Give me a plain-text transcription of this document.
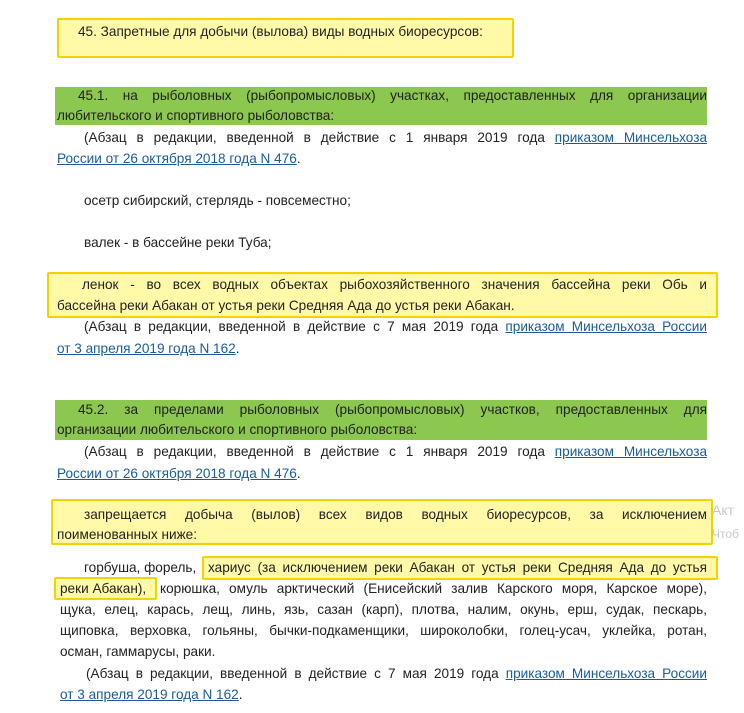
45. Запретные для добычи (вылова) виды водных биоресурсов:
45.1. на рыболовных (рыбопромысловых) участках, предоставленных для организации
любительского и спортивного рыболовства:
(Абзац в редакции, введенной в действие с 1 января 2019 года приказом Минсельхоза
России от 26 октября 2018 года N 476.
осетр сибирский, стерлядь - повсеместно;
валек - в бассейне реки Туба;
ленок - во всех водных объектах рыбохозяйственного значения бассейна реки Обь и
бассейна реки Абакан от устья реки Средняя Ада до устья реки Абакан.
(Абзац в редакции, введенной в действие с 7 мая 2019 года приказом Минсельхоза России
от 3 апреля 2019 года N 162.
45.2. за пределами рыболовных (рыбопромысловых) участков, предоставленных для
организации любительского и спортивного рыболовства:
(Абзац в редакции, введенной в действие с 1 января 2019 года приказом Минсельхоза
России от 26 октября 2018 года N 476.
запрещается добыча (вылов) всех видов водных биоресурсов, за исключением
поименованных ниже:
горбуша, форель, хариус (за исключением реки Абакан от устья реки Средняя Ада до устья
реки Абакан), корюшка, омуль арктический (Енисейский залив Карского моря, Карское море),
щука, елец, карась, лещ, линь, язь, сазан (карп), плотва, налим, окунь, ерш, судак, пескарь,
щиповка, верховка, гольяны, бычки-подкаменщики, широколобки, голец-усач, уклейка, ротан,
осман, гаммарусы, раки.
(Абзац в редакции, введенной в действие с 7 мая 2019 года приказом Минсельхоза России
от 3 апреля 2019 года N 162.
Акт
Чтоб
